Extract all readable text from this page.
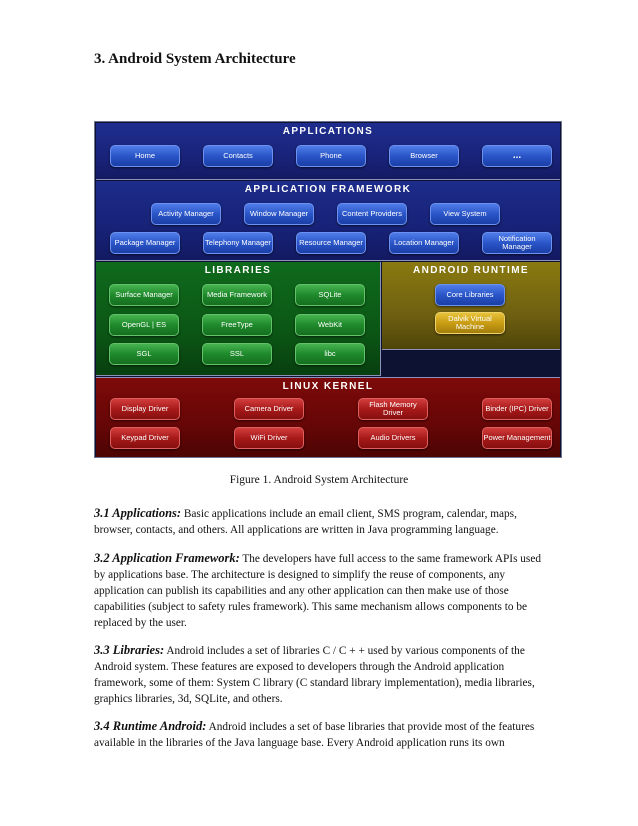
3. Android System Architecture
APPLICATIONS
Home	Contacts	Phone	Browser	...
APPLICATION FRAMEWORK
Activity Manager	Window Manager	Content Providers	View System
Package Manager	Telephony Manager	Resource Manager	Location Manager	Notification Manager
LIBRARIES
Surface Manager	Media Framework	SQLite
OpenGL | ES	FreeType	WebKit
SGL	SSL	libc
ANDROID RUNTIME
Core Libraries
Dalvik Virtual Machine
LINUX KERNEL
Display Driver	Camera Driver	Flash Memory Driver	Binder (IPC) Driver
Keypad Driver	WiFi Driver	Audio Drivers	Power Management
Figure 1. Android System Architecture
3.1 Applications: Basic applications include an email client, SMS program, calendar, maps, browser, contacts, and others. All applications are written in Java programming language.
3.2 Application Framework: The developers have full access to the same framework APIs used by applications base. The architecture is designed to simplify the reuse of components, any application can publish its capabilities and any other application can then make use of those capabilities (subject to safety rules framework). This same mechanism allows components to be replaced by the user.
3.3 Libraries: Android includes a set of libraries C / C + + used by various components of the Android system. These features are exposed to developers through the Android application framework, some of them: System C library (C standard library implementation), media libraries, graphics libraries, 3d, SQLite, and others.
3.4 Runtime Android: Android includes a set of base libraries that provide most of the features available in the libraries of the Java language base. Every Android application runs its own
